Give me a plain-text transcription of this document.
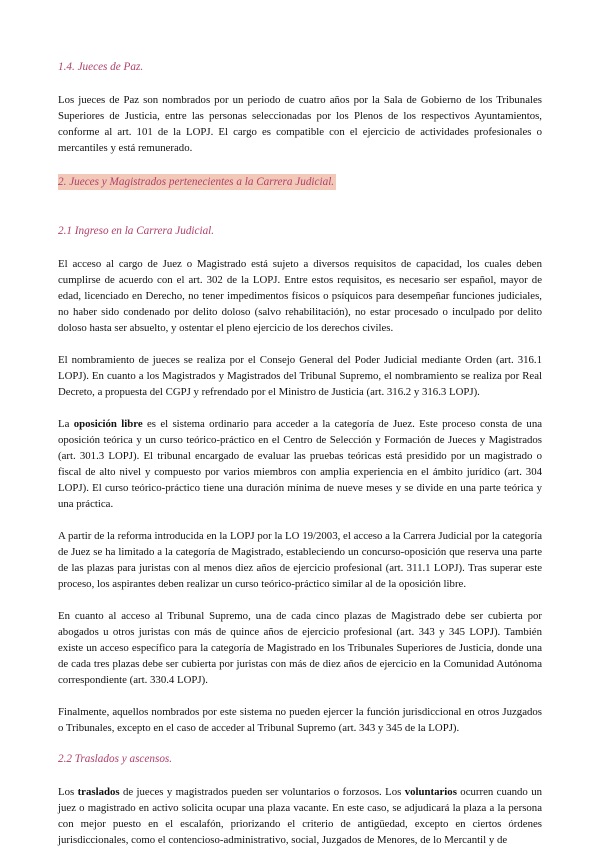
1.4. Jueces de Paz.

Los jueces de Paz son nombrados por un periodo de cuatro años por la Sala de Gobierno de los Tribunales Superiores de Justicia, entre las personas seleccionadas por los Plenos de los respectivos Ayuntamientos, conforme al art. 101 de la LOPJ. El cargo es compatible con el ejercicio de actividades profesionales o mercantiles y está remunerado.

2. Jueces y Magistrados pertenecientes a la Carrera Judicial.
2.1 Ingreso en la Carrera Judicial.

El acceso al cargo de Juez o Magistrado está sujeto a diversos requisitos de capacidad, los cuales deben cumplirse de acuerdo con el art. 302 de la LOPJ. Entre estos requisitos, es necesario ser español, mayor de edad, licenciado en Derecho, no tener impedimentos físicos o psíquicos para desempeñar funciones judiciales, no haber sido condenado por delito doloso (salvo rehabilitación), no estar procesado o inculpado por delito doloso hasta ser absuelto, y ostentar el pleno ejercicio de los derechos civiles.

El nombramiento de jueces se realiza por el Consejo General del Poder Judicial mediante Orden (art. 316.1 LOPJ). En cuanto a los Magistrados y Magistrados del Tribunal Supremo, el nombramiento se realiza por Real Decreto, a propuesta del CGPJ y refrendado por el Ministro de Justicia (art. 316.2 y 316.3 LOPJ).

La oposición libre es el sistema ordinario para acceder a la categoría de Juez. Este proceso consta de una oposición teórica y un curso teórico-práctico en el Centro de Selección y Formación de Jueces y Magistrados (art. 301.3 LOPJ). El tribunal encargado de evaluar las pruebas teóricas está presidido por un magistrado o fiscal de alto nivel y compuesto por varios miembros con amplia experiencia en el ámbito jurídico (art. 304 LOPJ). El curso teórico-práctico tiene una duración mínima de nueve meses y se divide en una parte teórica y una práctica.

A partir de la reforma introducida en la LOPJ por la LO 19/2003, el acceso a la Carrera Judicial por la categoría de Juez se ha limitado a la categoría de Magistrado, estableciendo un concurso-oposición que reserva una parte de las plazas para juristas con al menos diez años de ejercicio profesional (art. 311.1 LOPJ). Tras superar este proceso, los aspirantes deben realizar un curso teórico-práctico similar al de la oposición libre.

En cuanto al acceso al Tribunal Supremo, una de cada cinco plazas de Magistrado debe ser cubierta por abogados u otros juristas con más de quince años de ejercicio profesional (art. 343 y 345 LOPJ). También existe un acceso específico para la categoría de Magistrado en los Tribunales Superiores de Justicia, donde una de cada tres plazas debe ser cubierta por juristas con más de diez años de ejercicio en la Comunidad Autónoma correspondiente (art. 330.4 LOPJ).

Finalmente, aquellos nombrados por este sistema no pueden ejercer la función jurisdiccional en otros Juzgados o Tribunales, excepto en el caso de acceder al Tribunal Supremo (art. 343 y 345 de la LOPJ).

2.2 Traslados y ascensos.

Los traslados de jueces y magistrados pueden ser voluntarios o forzosos. Los voluntarios ocurren cuando un juez o magistrado en activo solicita ocupar una plaza vacante. En este caso, se adjudicará la plaza a la persona con mejor puesto en el escalafón, priorizando el criterio de antigüedad, excepto en ciertos órdenes jurisdiccionales, como el contencioso-administrativo, social, Juzgados de Menores, de lo Mercantil y de
